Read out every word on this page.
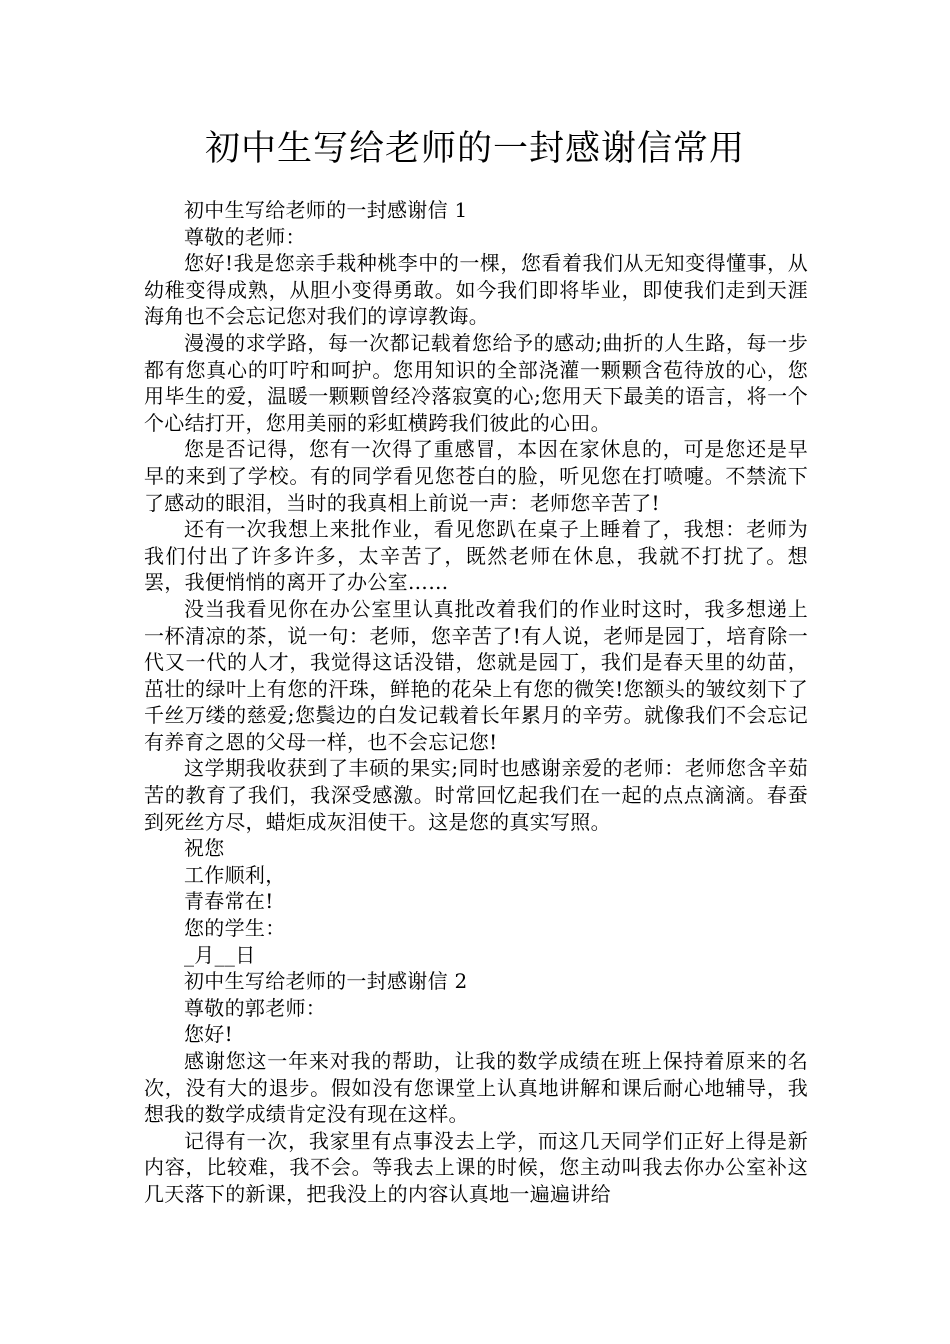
初中生写给老师的一封感谢信常用

初中生写给老师的一封感谢信 1

尊敬的老师：

您好!我是您亲手栽种桃李中的一棵，您看着我们从无知变得懂事，从幼稚变得成熟，从胆小变得勇敢。如今我们即将毕业，即使我们走到天涯海角也不会忘记您对我们的谆谆教诲。

漫漫的求学路，每一次都记载着您给予的感动;曲折的人生路，每一步都有您真心的叮咛和呵护。您用知识的全部浇灌一颗颗含苞待放的心，您用毕生的爱，温暖一颗颗曾经冷落寂寞的心;您用天下最美的语言，将一个个心结打开，您用美丽的彩虹横跨我们彼此的心田。

您是否记得，您有一次得了重感冒，本因在家休息的，可是您还是早早的来到了学校。有的同学看见您苍白的脸，听见您在打喷嚏。不禁流下了感动的眼泪，当时的我真相上前说一声：老师您辛苦了!

还有一次我想上来批作业，看见您趴在桌子上睡着了，我想：老师为我们付出了许多许多，太辛苦了，既然老师在休息，我就不打扰了。想罢，我便悄悄的离开了办公室……

没当我看见你在办公室里认真批改着我们的作业时这时，我多想递上一杯清凉的茶，说一句：老师，您辛苦了!有人说，老师是园丁，培育除一代又一代的人才，我觉得这话没错，您就是园丁，我们是春天里的幼苗，茁壮的绿叶上有您的汗珠，鲜艳的花朵上有您的微笑!您额头的皱纹刻下了千丝万缕的慈爱;您鬓边的白发记载着长年累月的辛劳。就像我们不会忘记有养育之恩的父母一样，也不会忘记您!

这学期我收获到了丰硕的果实;同时也感谢亲爱的老师：老师您含辛茹苦的教育了我们，我深受感激。时常回忆起我们在一起的点点滴滴。春蚕到死丝方尽，蜡炬成灰泪使干。这是您的真实写照。

祝您

工作顺利，

青春常在!

您的学生：

_月__日

初中生写给老师的一封感谢信 2

尊敬的郭老师：

您好!

感谢您这一年来对我的帮助，让我的数学成绩在班上保持着原来的名次，没有大的退步。假如没有您课堂上认真地讲解和课后耐心地辅导，我想我的数学成绩肯定没有现在这样。

记得有一次，我家里有点事没去上学，而这几天同学们正好上得是新内容，比较难，我不会。等我去上课的时候，您主动叫我去你办公室补这几天落下的新课，把我没上的内容认真地一遍遍讲给
